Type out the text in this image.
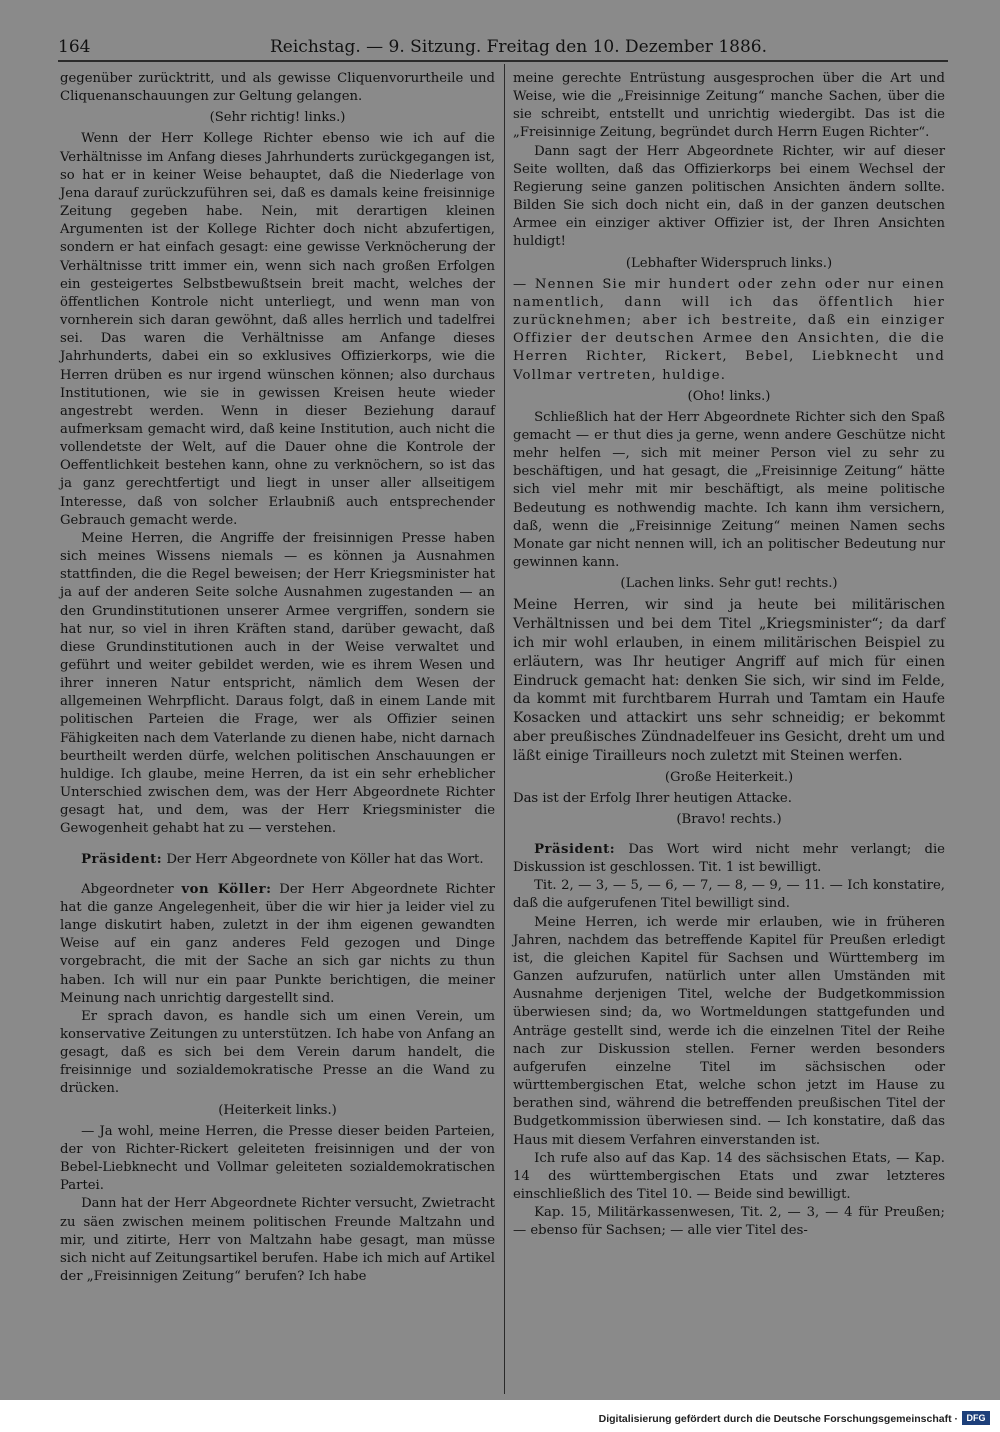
164	Reichstag. — 9. Sitzung. Freitag den 10. Dezember 1886.

gegenüber zurücktritt, und als gewisse Cliquenvorurtheile und Cliquenanschauungen zur Geltung gelangen.

(Sehr richtig! links.)

Wenn der Herr Kollege Richter ebenso wie ich auf die Verhältnisse im Anfang dieses Jahrhunderts zurückgegangen ist, so hat er in keiner Weise behauptet, daß die Niederlage von Jena darauf zurückzuführen sei, daß es damals keine freisinnige Zeitung gegeben habe. Nein, mit derartigen kleinen Argumenten ist der Kollege Richter doch nicht abzufertigen, sondern er hat einfach gesagt: eine gewisse Verknöcherung der Verhältnisse tritt immer ein, wenn sich nach großen Erfolgen ein gesteigertes Selbstbewußtsein breit macht, welches der öffentlichen Kontrole nicht unterliegt, und wenn man von vornherein sich daran gewöhnt, daß alles herrlich und tadelfrei sei. Das waren die Verhältnisse am Anfange dieses Jahrhunderts, dabei ein so exklusives Offizierkorps, wie die Herren drüben es nur irgend wünschen können; also durchaus Institutionen, wie sie in gewissen Kreisen heute wieder angestrebt werden. Wenn in dieser Beziehung darauf aufmerksam gemacht wird, daß keine Institution, auch nicht die vollendetste der Welt, auf die Dauer ohne die Kontrole der Oeffentlichkeit bestehen kann, ohne zu verknöchern, so ist das ja ganz gerechtfertigt und liegt in unser aller allseitigem Interesse, daß von solcher Erlaubniß auch entsprechender Gebrauch gemacht werde.

Meine Herren, die Angriffe der freisinnigen Presse haben sich meines Wissens niemals — es können ja Ausnahmen stattfinden, die die Regel beweisen; der Herr Kriegsminister hat ja auf der anderen Seite solche Ausnahmen zugestanden — an den Grundinstitutionen unserer Armee vergriffen, sondern sie hat nur, so viel in ihren Kräften stand, darüber gewacht, daß diese Grundinstitutionen auch in der Weise verwaltet und geführt und weiter gebildet werden, wie es ihrem Wesen und ihrer inneren Natur entspricht, nämlich dem Wesen der allgemeinen Wehrpflicht. Daraus folgt, daß in einem Lande mit politischen Parteien die Frage, wer als Offizier seinen Fähigkeiten nach dem Vaterlande zu dienen habe, nicht darnach beurtheilt werden dürfe, welchen politischen Anschauungen er huldige. Ich glaube, meine Herren, da ist ein sehr erheblicher Unterschied zwischen dem, was der Herr Abgeordnete Richter gesagt hat, und dem, was der Herr Kriegsminister die Gewogenheit gehabt hat zu — verstehen.

Präsident: Der Herr Abgeordnete von Köller hat das Wort.

Abgeordneter von Köller: Der Herr Abgeordnete Richter hat die ganze Angelegenheit, über die wir hier ja leider viel zu lange diskutirt haben, zuletzt in der ihm eigenen gewandten Weise auf ein ganz anderes Feld gezogen und Dinge vorgebracht, die mit der Sache an sich gar nichts zu thun haben. Ich will nur ein paar Punkte berichtigen, die meiner Meinung nach unrichtig dargestellt sind.

Er sprach davon, es handle sich um einen Verein, um konservative Zeitungen zu unterstützen. Ich habe von Anfang an gesagt, daß es sich bei dem Verein darum handelt, die freisinnige und sozialdemokratische Presse an die Wand zu drücken.

(Heiterkeit links.)

— Ja wohl, meine Herren, die Presse dieser beiden Parteien, der von Richter-Rickert geleiteten freisinnigen und der von Bebel-Liebknecht und Vollmar geleiteten sozialdemokratischen Partei.

Dann hat der Herr Abgeordnete Richter versucht, Zwietracht zu säen zwischen meinem politischen Freunde Maltzahn und mir, und zitirte, Herr von Maltzahn habe gesagt, man müsse sich nicht auf Zeitungsartikel berufen. Habe ich mich auf Artikel der „Freisinnigen Zeitung“ berufen? Ich habe

meine gerechte Entrüstung ausgesprochen über die Art und Weise, wie die „Freisinnige Zeitung“ manche Sachen, über die sie schreibt, entstellt und unrichtig wiedergibt. Das ist die „Freisinnige Zeitung, begründet durch Herrn Eugen Richter“.

Dann sagt der Herr Abgeordnete Richter, wir auf dieser Seite wollten, daß das Offizierkorps bei einem Wechsel der Regierung seine ganzen politischen Ansichten ändern sollte. Bilden Sie sich doch nicht ein, daß in der ganzen deutschen Armee ein einziger aktiver Offizier ist, der Ihren Ansichten huldigt!

(Lebhafter Widerspruch links.)

— Nennen Sie mir hundert oder zehn oder nur einen namentlich, dann will ich das öffentlich hier zurücknehmen; aber ich bestreite, daß ein einziger Offizier der deutschen Armee den Ansichten, die die Herren Richter, Rickert, Bebel, Liebknecht und Vollmar vertreten, huldige.

(Oho! links.)

Schließlich hat der Herr Abgeordnete Richter sich den Spaß gemacht — er thut dies ja gerne, wenn andere Geschütze nicht mehr helfen —, sich mit meiner Person viel zu sehr zu beschäftigen, und hat gesagt, die „Freisinnige Zeitung“ hätte sich viel mehr mit mir beschäftigt, als meine politische Bedeutung es nothwendig machte. Ich kann ihm versichern, daß, wenn die „Freisinnige Zeitung“ meinen Namen sechs Monate gar nicht nennen will, ich an politischer Bedeutung nur gewinnen kann.

(Lachen links. Sehr gut! rechts.)

Meine Herren, wir sind ja heute bei militärischen Verhältnissen und bei dem Titel „Kriegsminister“; da darf ich mir wohl erlauben, in einem militärischen Beispiel zu erläutern, was Ihr heutiger Angriff auf mich für einen Eindruck gemacht hat: denken Sie sich, wir sind im Felde, da kommt mit furchtbarem Hurrah und Tamtam ein Haufe Kosacken und attackirt uns sehr schneidig; er bekommt aber preußisches Zündnadelfeuer ins Gesicht, dreht um und läßt einige Tirailleurs noch zuletzt mit Steinen werfen.

(Große Heiterkeit.)

Das ist der Erfolg Ihrer heutigen Attacke.

(Bravo! rechts.)

Präsident: Das Wort wird nicht mehr verlangt; die Diskussion ist geschlossen. Tit. 1 ist bewilligt.

Tit. 2, — 3, — 5, — 6, — 7, — 8, — 9, — 11. — Ich konstatire, daß die aufgerufenen Titel bewilligt sind.

Meine Herren, ich werde mir erlauben, wie in früheren Jahren, nachdem das betreffende Kapitel für Preußen erledigt ist, die gleichen Kapitel für Sachsen und Württemberg im Ganzen aufzurufen, natürlich unter allen Umständen mit Ausnahme derjenigen Titel, welche der Budgetkommission überwiesen sind; da, wo Wortmeldungen stattgefunden und Anträge gestellt sind, werde ich die einzelnen Titel der Reihe nach zur Diskussion stellen. Ferner werden besonders aufgerufen einzelne Titel im sächsischen oder württembergischen Etat, welche schon jetzt im Hause zu berathen sind, während die betreffenden preußischen Titel der Budgetkommission überwiesen sind. — Ich konstatire, daß das Haus mit diesem Verfahren einverstanden ist.

Ich rufe also auf das Kap. 14 des sächsischen Etats, — Kap. 14 des württembergischen Etats und zwar letzteres einschließlich des Titel 10. — Beide sind bewilligt.

Kap. 15, Militärkassenwesen, Tit. 2, — 3, — 4 für Preußen; — ebenso für Sachsen; — alle vier Titel des-

Digitalisierung gefördert durch die Deutsche Forschungsgemeinschaft · DFG
